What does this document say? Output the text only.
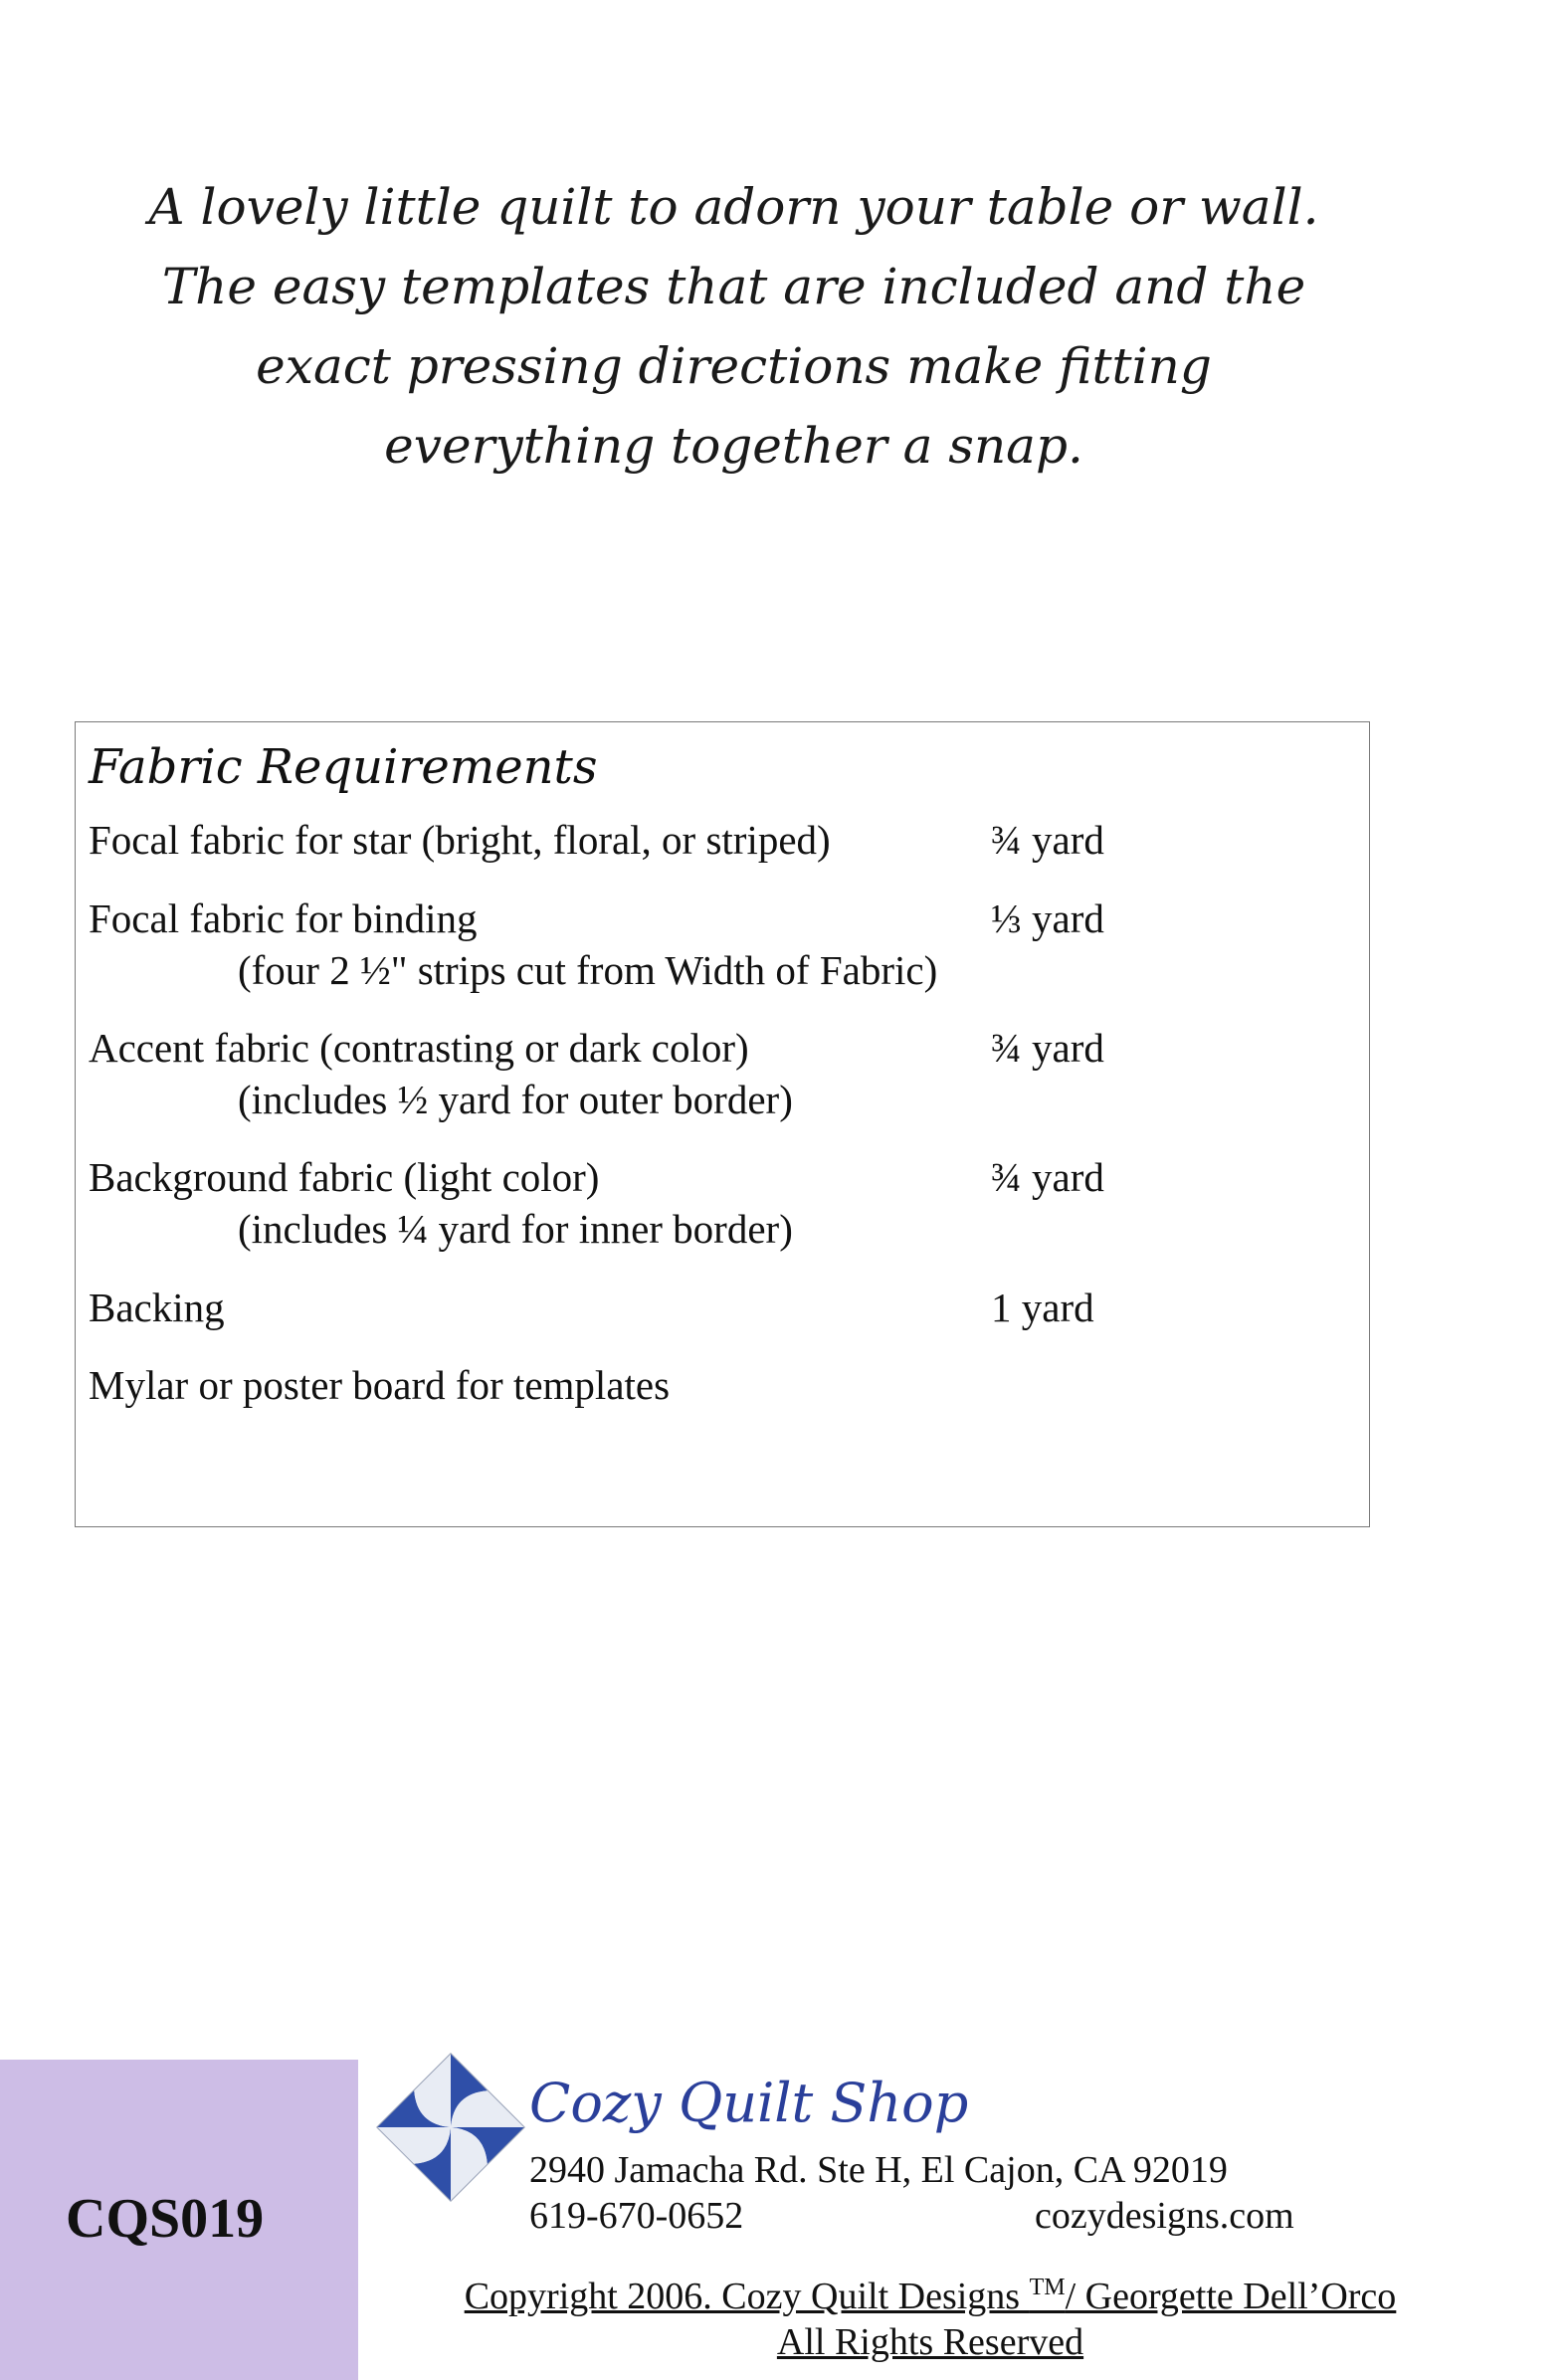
A lovely little quilt to adorn your table or wall.
The easy templates that are included and the
exact pressing directions make fitting
everything together a snap.
Fabric Requirements
Focal fabric for star (bright, floral, or striped)	¾ yard
Focal fabric for binding	⅓ yard
(four 2 ½" strips cut from Width of Fabric)
Accent fabric (contrasting or dark color)	¾ yard
(includes ½ yard for outer border)
Background fabric (light color)	¾ yard
(includes ¼ yard for inner border)
Backing	1 yard
Mylar or poster board for templates
CQS019
Cozy Quilt Shop
2940 Jamacha Rd. Ste H, El Cajon, CA 92019
619-670-0652	cozydesigns.com
Copyright 2006. Cozy Quilt Designs ™/ Georgette Dell’Orco
All Rights Reserved
